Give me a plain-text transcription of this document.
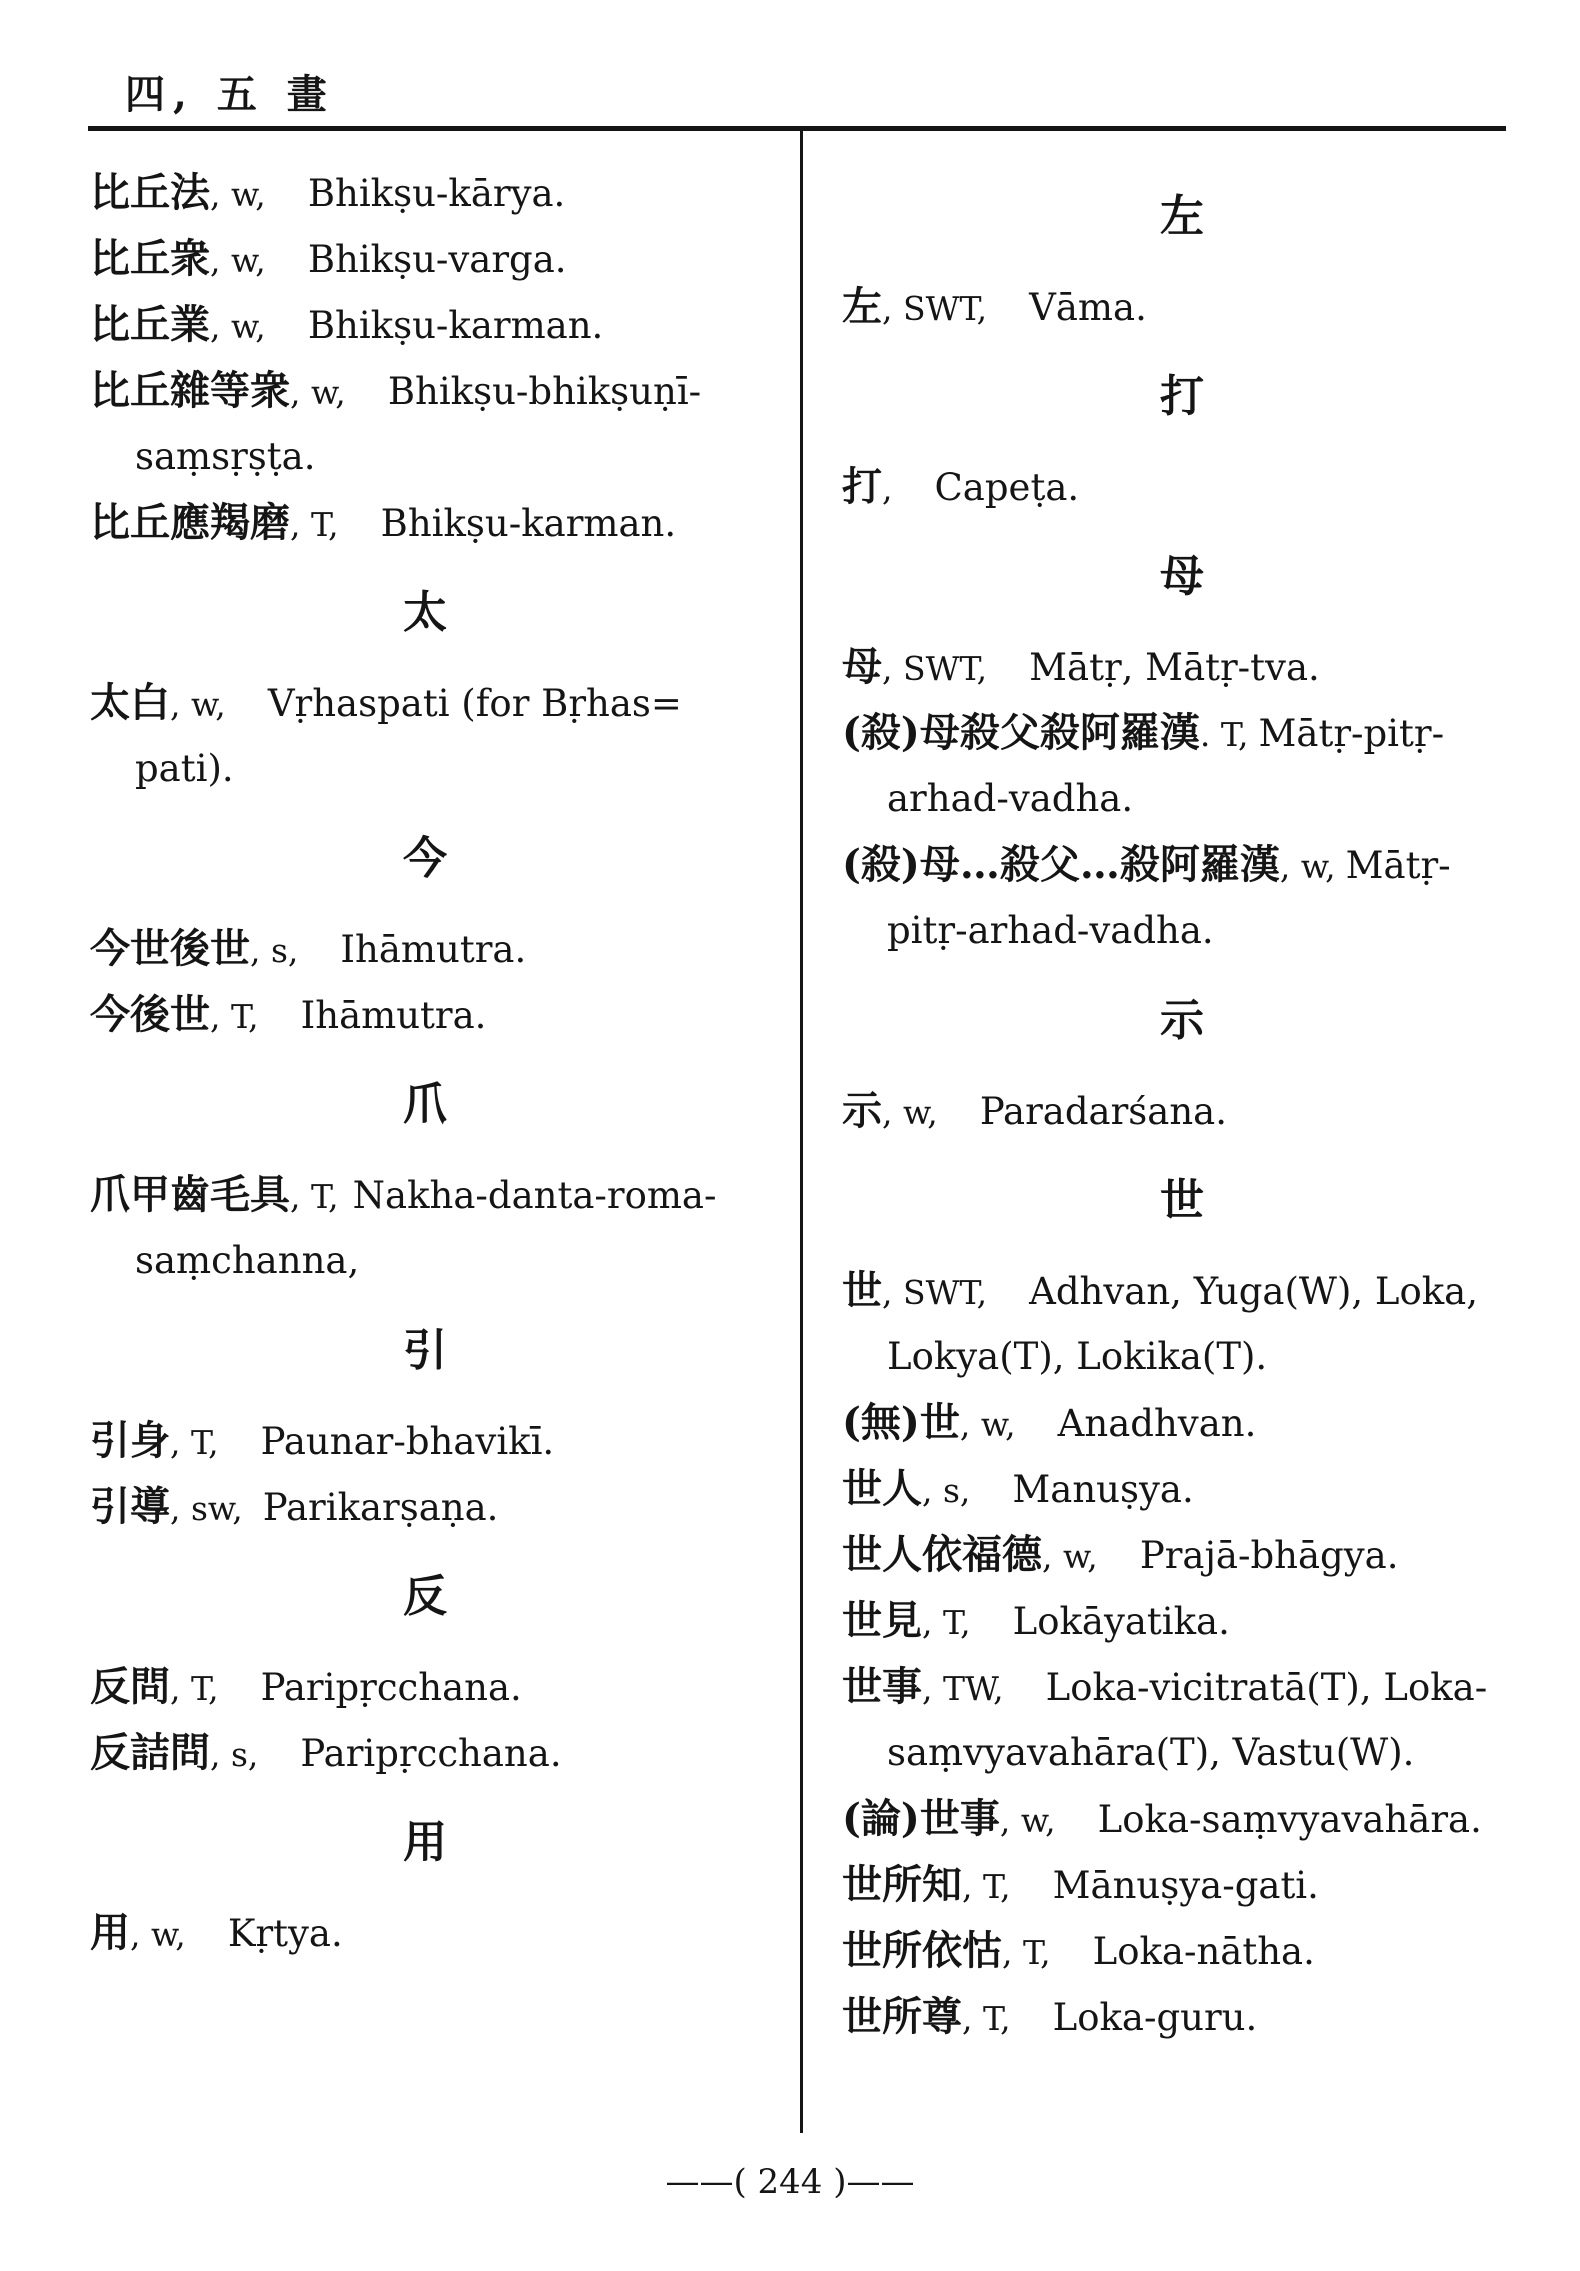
四, 五 畫
比丘法, w, Bhikṣu-kārya.
比丘衆, w, Bhikṣu-varga.
比丘業, w, Bhikṣu-karman.
比丘雜等衆, w, Bhikṣu-bhikṣuṇī-
saṃsṛṣṭa.
比丘應羯磨, T, Bhikṣu-karman.
太
太白, w, Vṛhaspati (for Bṛhas=
pati).
今
今世後世, s, Ihāmutra.
今後世, T, Ihāmutra.
爪
爪甲齒毛具, T, Nakha-danta-roma-
saṃchanna,
引
引身, T, Paunar-bhavikī.
引導, sw, Parikarṣaṇa.
反
反問, T, Paripṛcchana.
反詰問, s, Paripṛcchana.
用
用, w, Kṛtya.
左
左, SWT, Vāma.
打
打, Capeṭa.
母
母, SWT, Mātṛ, Mātṛ-tva.
(殺)母殺父殺阿羅漢. T, Mātṛ-pitṛ-
arhad-vadha.
(殺)母…殺父…殺阿羅漢, w, Mātṛ-
pitṛ-arhad-vadha.
示
示, w, Paradarśana.
世
世, SWT, Adhvan, Yuga(W), Loka,
Lokya(T), Lokika(T).
(無)世, w, Anadhvan.
世人, s, Manuṣya.
世人依福德, w, Prajā-bhāgya.
世見, T, Lokāyatika.
世事, TW, Loka-vicitratā(T), Loka-
saṃvyavahāra(T), Vastu(W).
(論)世事, w, Loka-saṃvyavahāra.
世所知, T, Mānuṣya-gati.
世所依怙, T, Loka-nātha.
世所尊, T, Loka-guru.
——( 244 )——
